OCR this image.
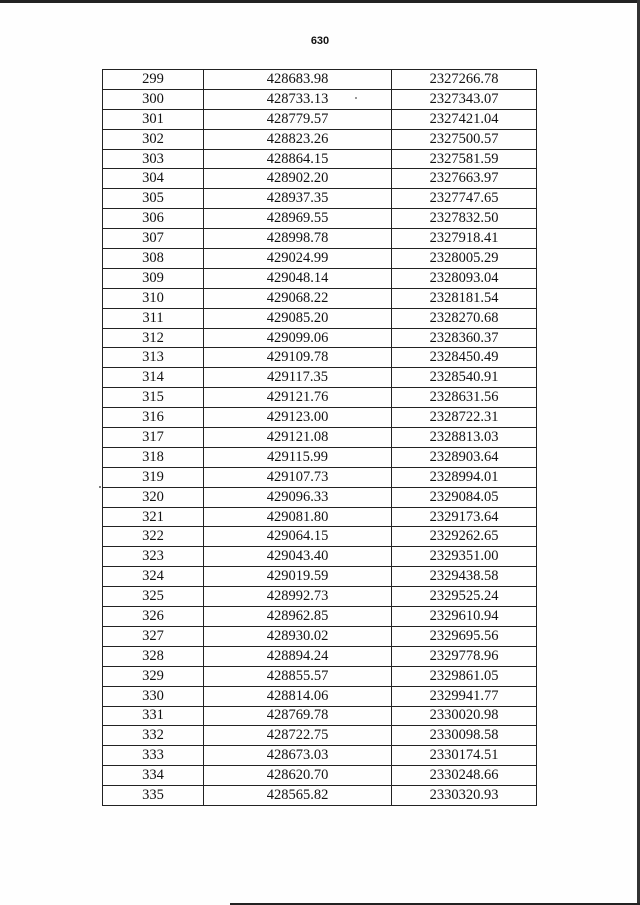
630
299	428683.98	2327266.78
300	428733.13	2327343.07
301	428779.57	2327421.04
302	428823.26	2327500.57
303	428864.15	2327581.59
304	428902.20	2327663.97
305	428937.35	2327747.65
306	428969.55	2327832.50
307	428998.78	2327918.41
308	429024.99	2328005.29
309	429048.14	2328093.04
310	429068.22	2328181.54
311	429085.20	2328270.68
312	429099.06	2328360.37
313	429109.78	2328450.49
314	429117.35	2328540.91
315	429121.76	2328631.56
316	429123.00	2328722.31
317	429121.08	2328813.03
318	429115.99	2328903.64
319	429107.73	2328994.01
320	429096.33	2329084.05
321	429081.80	2329173.64
322	429064.15	2329262.65
323	429043.40	2329351.00
324	429019.59	2329438.58
325	428992.73	2329525.24
326	428962.85	2329610.94
327	428930.02	2329695.56
328	428894.24	2329778.96
329	428855.57	2329861.05
330	428814.06	2329941.77
331	428769.78	2330020.98
332	428722.75	2330098.58
333	428673.03	2330174.51
334	428620.70	2330248.66
335	428565.82	2330320.93
